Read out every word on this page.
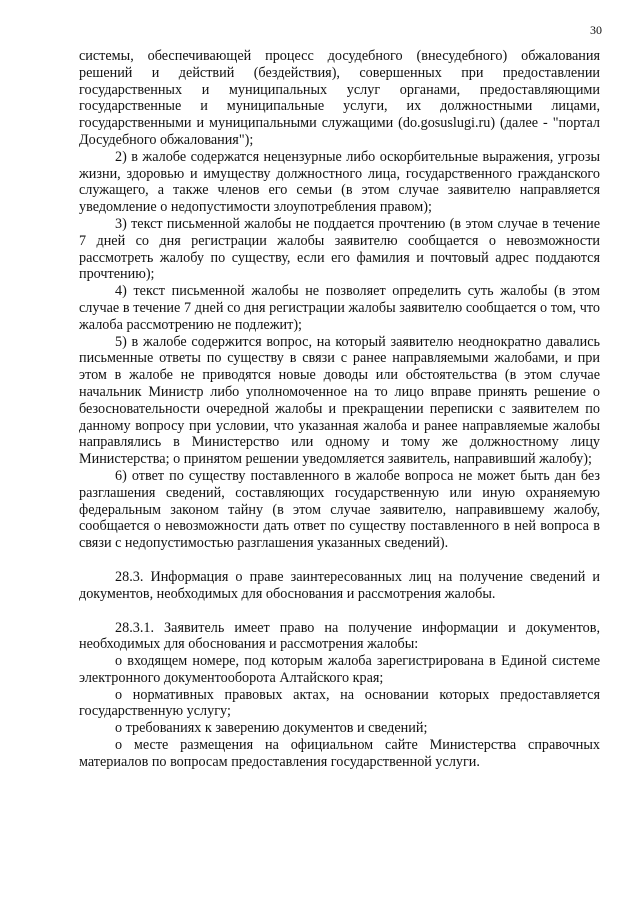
30

системы, обеспечивающей процесс досудебного (внесудебного) обжалования решений и действий (бездействия), совершенных при предоставлении государственных и муниципальных услуг органами, предоставляющими государственные и муниципальные услуги, их должностными лицами, государственными и муниципальными служащими (do.gosuslugi.ru) (далее - "портал Досудебного обжалования");

2) в жалобе содержатся нецензурные либо оскорбительные выражения, угрозы жизни, здоровью и имуществу должностного лица, государственного гражданского служащего, а также членов его семьи (в этом случае заявителю направляется уведомление о недопустимости злоупотребления правом);

3) текст письменной жалобы не поддается прочтению (в этом случае в течение 7 дней со дня регистрации жалобы заявителю сообщается о невозможности рассмотреть жалобу по существу, если его фамилия и почтовый адрес поддаются прочтению);

4) текст письменной жалобы не позволяет определить суть жалобы (в этом случае в течение 7 дней со дня регистрации жалобы заявителю сообщается о том, что жалоба рассмотрению не подлежит);

5) в жалобе содержится вопрос, на который заявителю неоднократно давались письменные ответы по существу в связи с ранее направляемыми жалобами, и при этом в жалобе не приводятся новые доводы или обстоятельства (в этом случае начальник Министр либо уполномоченное на то лицо вправе принять решение о безосновательности очередной жалобы и прекращении переписки с заявителем по данному вопросу при условии, что указанная жалоба и ранее направляемые жалобы направлялись в Министерство или одному и тому же должностному лицу Министерства; о принятом решении уведомляется заявитель, направивший жалобу);

6) ответ по существу поставленного в жалобе вопроса не может быть дан без разглашения сведений, составляющих государственную или иную охраняемую федеральным законом тайну (в этом случае заявителю, направившему жалобу, сообщается о невозможности дать ответ по существу поставленного в ней вопроса в связи с недопустимостью разглашения указанных сведений).

28.3. Информация о праве заинтересованных лиц на получение сведений и документов, необходимых для обоснования и рассмотрения жалобы.

28.3.1. Заявитель имеет право на получение информации и документов, необходимых для обоснования и рассмотрения жалобы:

о входящем номере, под которым жалоба зарегистрирована в Единой системе электронного документооборота Алтайского края;

о нормативных правовых актах, на основании которых предоставляется государственную услугу;

о требованиях к заверению документов и сведений;

о месте размещения на официальном сайте Министерства справочных материалов по вопросам предоставления государственной услуги.
